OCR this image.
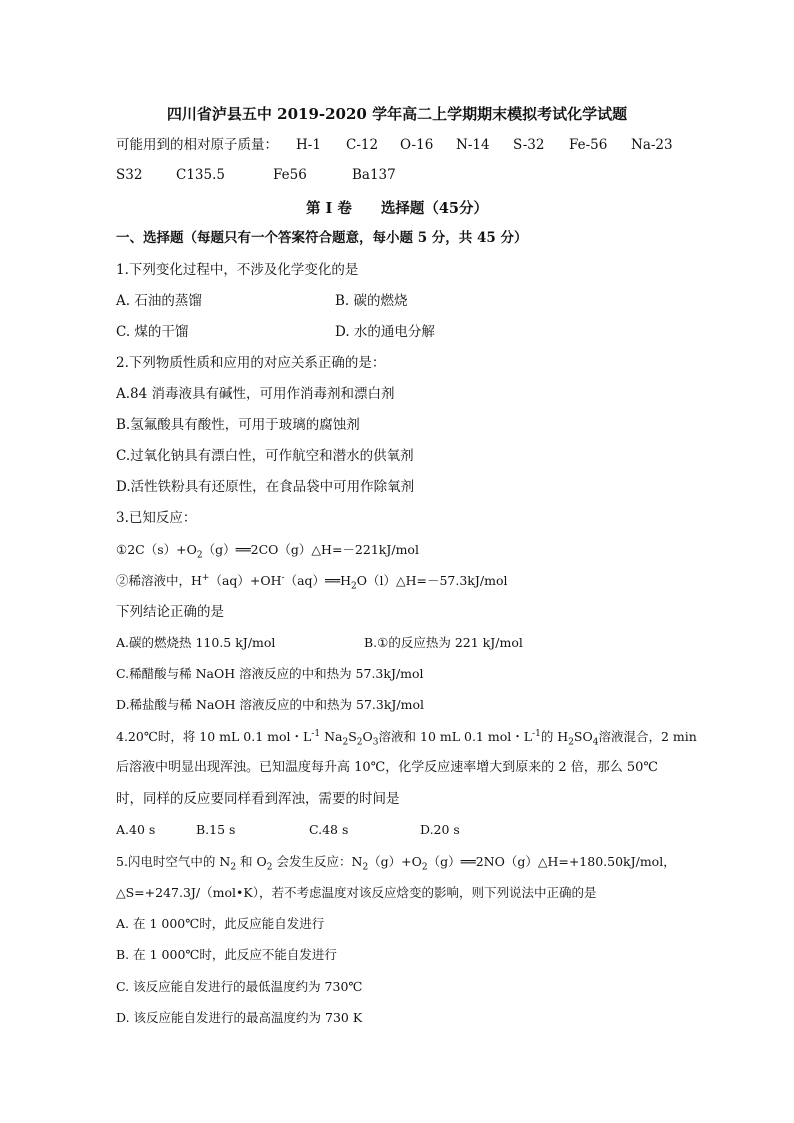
四川省泸县五中 2019-2020 学年高二上学期期末模拟考试化学试题

可能用到的相对原子质量：

H-1

C-12

O-16

N-14

S-32

Fe-56

Na-23

S32

C135.5

	Fe56

	Ba137

第 I 卷　　选择题（45分）
一、选择题（每题只有一个答案符合题意，每小题 5 分，共 45 分）
1.下列变化过程中，不涉及化学变化的是
A. 石油的蒸馏	B. 碳的燃烧
C. 煤的干馏	D. 水的通电分解
2.下列物质性质和应用的对应关系正确的是：
A.84 消毒液具有碱性，可用作消毒剂和漂白剂
B.氢氟酸具有酸性，可用于玻璃的腐蚀剂
C.过氧化钠具有漂白性，可作航空和潜水的供氧剂
D.活性铁粉具有还原性，在食品袋中可用作除氧剂
3.已知反应：
$①2C(s)+O_2(g)══2CO(g)\triangle H=-221kJ$/mol
②稀溶液中，$H^+(aq)+OH^-(aq)══H_2O(l)\triangle H=-57.3kJ$/mol
下列结论正确的是
A.碳的燃烧热 110.5 kJ/mol	B.①的反应热为 221 kJ/mol
C.稀醋酸与稀 NaOH 溶液反应的中和热为 57.3kJ/mol
D.稀盐酸与稀 NaOH 溶液反应的中和热为 57.3kJ/mol
4.20℃时，将 10 mL 0.1 mol・$L^{-1}$ $Na_2S_2O_3$溶液和 10 mL 0.1 mol・$L^{-1}$的 $H_2SO_4$溶液混合，2 min
后溶液中明显出现浑浊。已知温度每升高 10℃，化学反应速率增大到原来的 2 倍，那么 50℃
时，同样的反应要同样看到浑浊，需要的时间是

A.40 s

	B.15 s

	C.48 s

	D.20 s

5.闪电时空气中的 $N_2$ 和 $O_2$ 会发生反应：$N_2(g)+O_2(g)══2NO(g)\triangle H=+180.50kJ$/mol，
△S=+247.3J/（mol•K），若不考虑温度对该反应焓变的影响，则下列说法中正确的是
A. 在 1 000℃时，此反应能自发进行
B. 在 1 000℃时，此反应不能自发进行
C. 该反应能自发进行的最低温度约为 730℃
D. 该反应能自发进行的最高温度约为 730 K
